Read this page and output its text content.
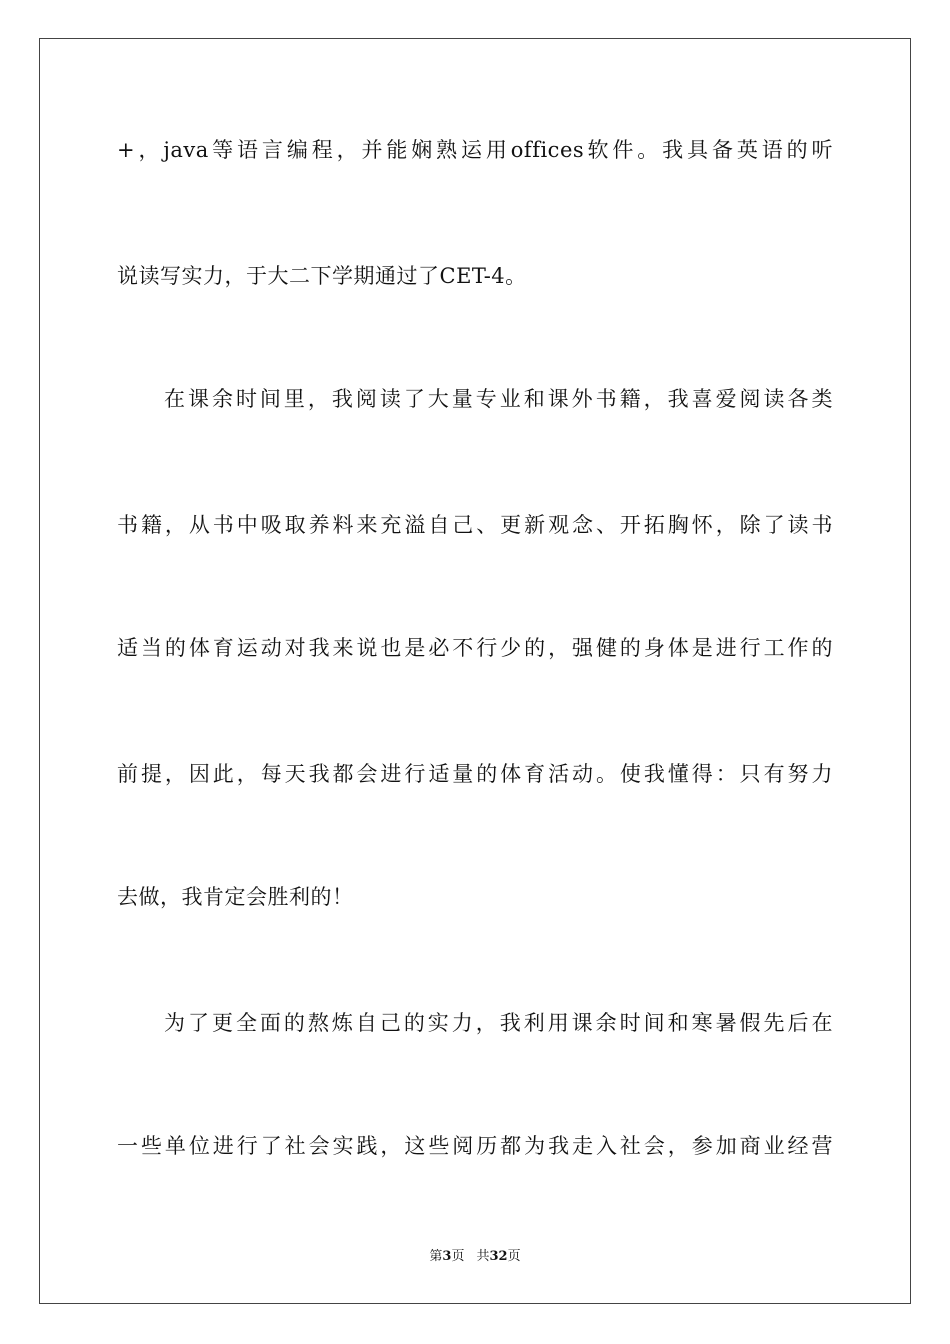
+，java等语言编程，并能娴熟运用offices软件。我具备英语的听
说读写实力，于大二下学期通过了CET-4。
在课余时间里，我阅读了大量专业和课外书籍，我喜爱阅读各类
书籍，从书中吸取养料来充溢自己、更新观念、开拓胸怀，除了读书
适当的体育运动对我来说也是必不行少的，强健的身体是进行工作的
前提，因此，每天我都会进行适量的体育活动。使我懂得：只有努力
去做，我肯定会胜利的！
为了更全面的熬炼自己的实力，我利用课余时间和寒暑假先后在
一些单位进行了社会实践，这些阅历都为我走入社会，参加商业经营
第3页 共32页
